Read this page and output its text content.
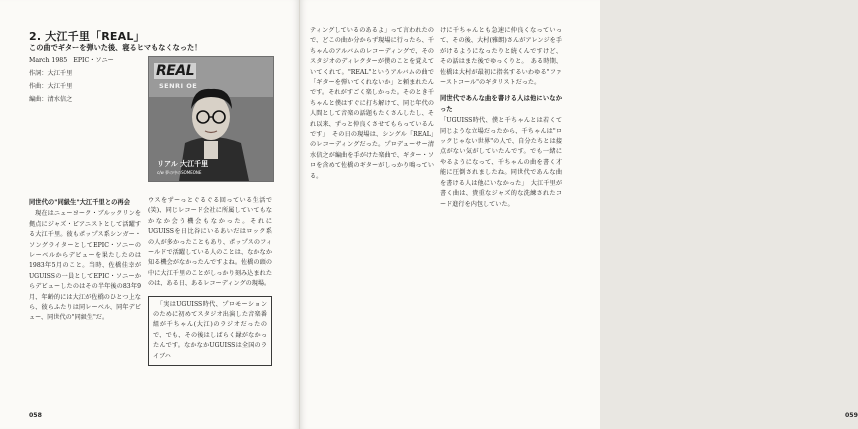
2. 大江千里「REAL」
この曲でギターを弾いた後、寝るヒマもなくなった！
March 1985　EPIC・ソニー
作詞：大江千里
作曲：大江千里
編曲：清水信之
REAL
SENRI OE
リアル 大江千里
c/w 夢の中のSOMEONE
同世代の"同級生"大江千里との再会

現在はニューヨーク・ブルックリンを拠点にジャズ・ピアニストとして活躍する大江千里。彼もポップス系シンガー・ソングライターとしてEPIC・ソニーのレーベルからデビューを果たしたのは1983年5月のこと。当時、佐橋佳幸がUGUISSの一員としてEPIC・ソニーからデビューしたのはその半年後の83年9月、年齢的には大江が佐橋のひとつ上なら、彼らふたりは同レーベル、同年デビュー、同世代の"同級生"だ。

ウスをずーっとぐるぐる回っている生活で(笑)、同じレコード会社に所属していてもなかなか会う機会もなかった。それにUGUISSを日比谷にいるあいだはロック系の人が多かったこともあり、ポップスのフィールドで活躍している人のことは、なかなか知る機会がなかったんですよね。佐橋の頭の中に大江千里のことがしっかり刻み込まれたのは、ある日、あるレコーディングの現場。

「実はUGUISS時代、プロモーションのために初めてスタジオ出演した音楽番組が千ちゃん(大江)のラジオだったので、でも、その後はしばらく縁がなかったんです。なかなかUGUISSは全国のライブハ

058	059

ティングしているのあるよ」って言われたので、どこの曲か分からず現場に行ったら、千ちゃんのアルバムのレコーディングで、そのスタジオのディレクターが僕のことを覚えていてくれて。"REAL"というアルバムの曲で「ギターを弾いてくれないか」と頼まれたんです。それがすごく楽しかった。そのとき千ちゃんと僕はすぐに打ち解けて、同じ年代の人間として音楽の話題もたくさんしたし、それ以来、ずっと仲良くさせてもらっているんです」　その日の現場は、シングル「REAL」のレコーディングだった。プロデューサー清水信之が編曲を手がけた楽曲で、ギター・ソロを含めて佐橋のギターがしっかり鳴っている。

けに千ちゃんとも急速に仲良くなっていって、その後、大村(雅朗)さんがアレンジを手がけるようになったりと続くんですけど、その話はまた後でゆっくりと。　ある時期、佐橋は大村が最初に指名するいわゆる"ファーストコール"のギタリストだった。

同世代であんな曲を書ける人は他にいなかった

「UGUISS時代、僕と千ちゃんとは若くて同じような立場だったから、千ちゃんは"ロックじゃない世界"の人で、自分たちとは接点がない気がしていたんです。でも一緒にやるようになって、千ちゃんの曲を書く才能に圧倒されましたね。同世代であんな曲を書ける人は他にいなかった」　大江千里が書く曲は、貴重なジャズ的な洗練されたコード進行を内包していた。
